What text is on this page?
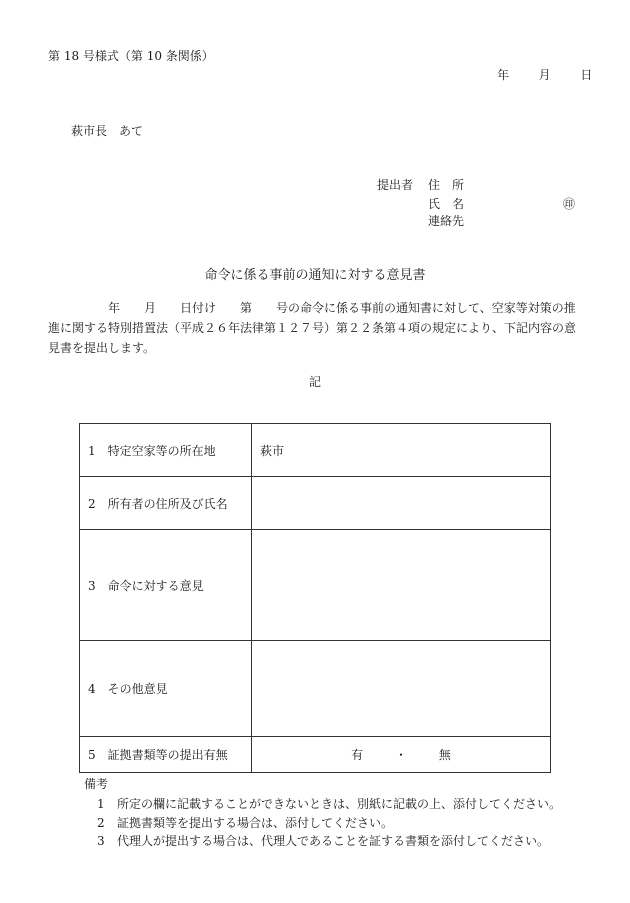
第 18 号様式（第 10 条関係）
年 月 日
萩市長　あて
提出者 住　所
氏　名	㊞
連絡先
命令に係る事前の通知に対する意見書
　　　　　年　　月　　日付け　　第　　号の命令に係る事前の通知書に対して、空家等対策の推進に関する特別措置法（平成２６年法律第１２７号）第２２条第４項の規定により、下記内容の意見書を提出します。
記
1　特定空家等の所在地	萩市
2　所有者の住所及び氏名	
3　命令に対する意見	
4　その他意見	
5　証拠書類等の提出有無	有 ・ 無
備考
1 所定の欄に記載することができないときは、別紙に記載の上、添付してください。
2 証拠書類等を提出する場合は、添付してください。
3 代理人が提出する場合は、代理人であることを証する書類を添付してください。
